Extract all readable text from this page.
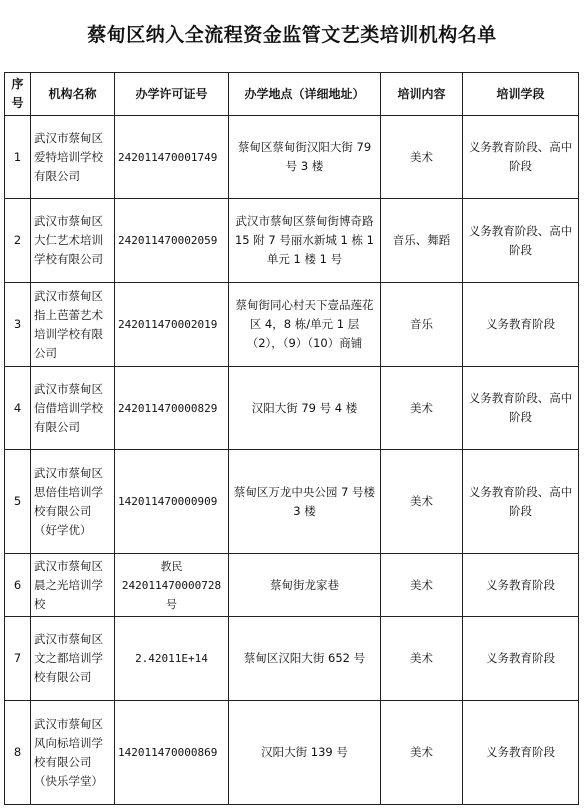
蔡甸区纳入全流程资金监管文艺类培训机构名单
序号	机构名称	办学许可证号	办学地点（详细地址）	培训内容	培训学段
1	武汉市蔡甸区爱特培训学校有限公司	242011470001749	蔡甸区蔡甸街汉阳大街 79 号 3 楼	美术	义务教育阶段、高中阶段
2	武汉市蔡甸区大仁艺术培训学校有限公司	242011470002059	武汉市蔡甸区蔡甸街博奇路 15 附 7 号丽水新城 1 栋 1 单元 1 楼 1 号	音乐、舞蹈	义务教育阶段、高中阶段
3	武汉市蔡甸区指上芭蕾艺术培训学校有限公司	242011470002019	蔡甸街同心村天下壹品莲花区 4，8 栋/单元 1 层（2），（9）（10）商铺	音乐	义务教育阶段
4	武汉市蔡甸区信借培训学校有限公司	242011470000829	汉阳大街 79 号 4 楼	美术	义务教育阶段、高中阶段
5	武汉市蔡甸区思倍佳培训学校有限公司（好学优）	142011470000909	蔡甸区万龙中央公园 7 号楼 3 楼	美术	义务教育阶段、高中阶段
6	武汉市蔡甸区晨之光培训学校	教民242011470000728号	蔡甸街龙家巷	美术	义务教育阶段
7	武汉市蔡甸区文之都培训学校有限公司	2.42011E+14	蔡甸区汉阳大街 652 号	美术	义务教育阶段
8	武汉市蔡甸区风向标培训学校有限公司（快乐学堂）	142011470000869	汉阳大街 139 号	美术	义务教育阶段
